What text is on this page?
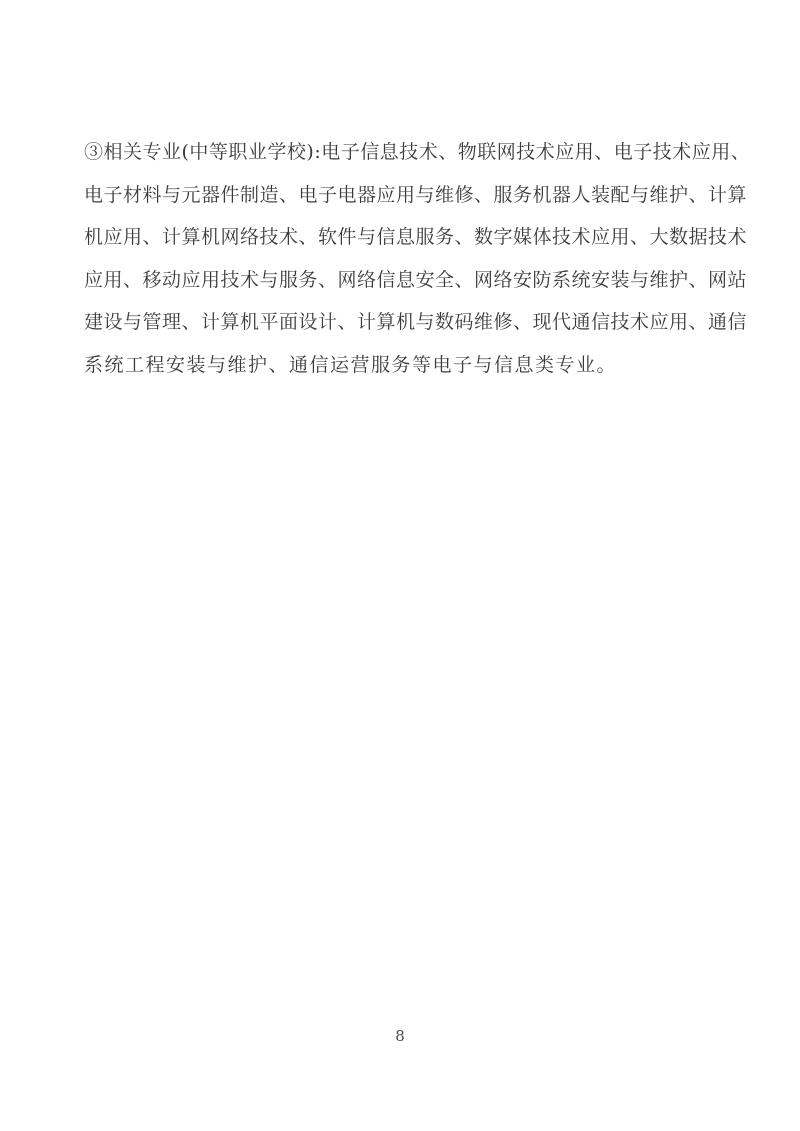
③相关专业(中等职业学校):电子信息技术、物联网技术应用、电子技术应用、
电子材料与元器件制造、电子电器应用与维修、服务机器人装配与维护、计算
机应用、计算机网络技术、软件与信息服务、数字媒体技术应用、大数据技术
应用、移动应用技术与服务、网络信息安全、网络安防系统安装与维护、网站
建设与管理、计算机平面设计、计算机与数码维修、现代通信技术应用、通信
系统工程安装与维护、通信运营服务等电子与信息类专业。
8
